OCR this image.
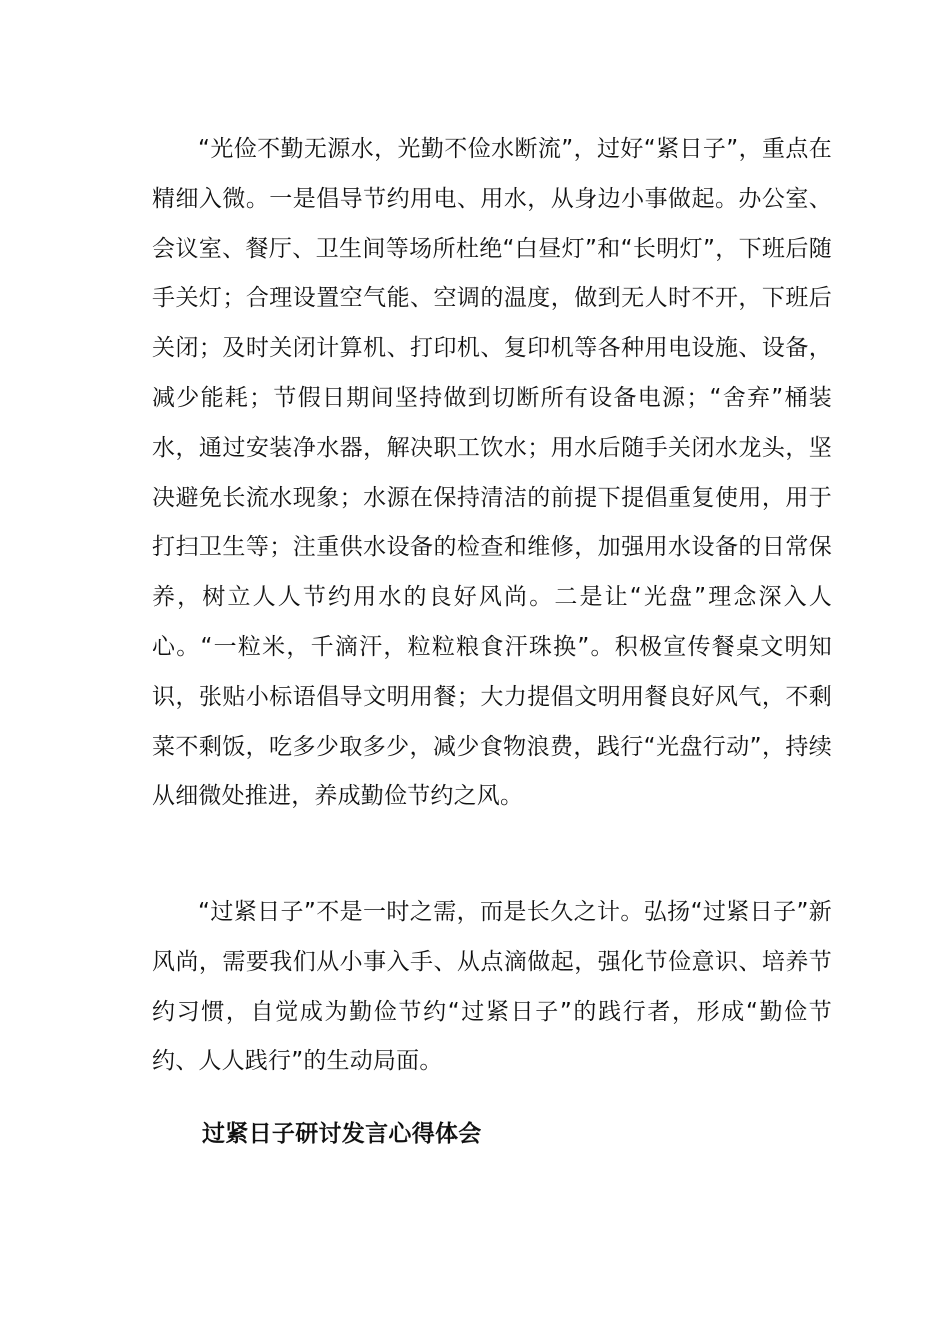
“光俭不勤无源水，光勤不俭水断流”，过好“紧日子”，重点在精细入微。一是倡导节约用电、用水，从身边小事做起。办公室、会议室、餐厅、卫生间等场所杜绝“白昼灯”和“长明灯”，下班后随手关灯；合理设置空气能、空调的温度，做到无人时不开，下班后关闭；及时关闭计算机、打印机、复印机等各种用电设施、设备，减少能耗；节假日期间坚持做到切断所有设备电源；“舍弃”桶装水，通过安装净水器，解决职工饮水；用水后随手关闭水龙头，坚决避免长流水现象；水源在保持清洁的前提下提倡重复使用，用于打扫卫生等；注重供水设备的检查和维修，加强用水设备的日常保养，树立人人节约用水的良好风尚。二是让“光盘”理念深入人心。“一粒米，千滴汗，粒粒粮食汗珠换”。积极宣传餐桌文明知识，张贴小标语倡导文明用餐；大力提倡文明用餐良好风气，不剩菜不剩饭，吃多少取多少，减少食物浪费，践行“光盘行动”，持续从细微处推进，养成勤俭节约之风。

“过紧日子”不是一时之需，而是长久之计。弘扬“过紧日子”新风尚，需要我们从小事入手、从点滴做起，强化节俭意识、培养节约习惯，自觉成为勤俭节约“过紧日子”的践行者，形成“勤俭节约、人人践行”的生动局面。

过紧日子研讨发言心得体会
